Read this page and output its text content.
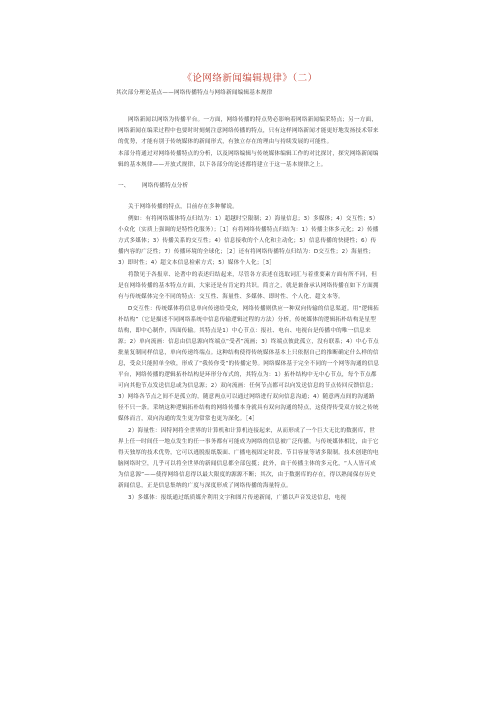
《论网络新闻编辑规律》（二）
其次部分理论基点——网络传播特点与网络新闻编辑基本规律

网络新闻以网络为传播平台。一方面，网络传播的特点势必影响着网络新闻编采特点；另一方面，网络新闻在编采过程中也要时时刻刻注意网络传播的特点，只有这样网络新闻才能更好地发扬技术带来的优势，才能有别于传统媒体的新闻形式，有独立存在的理由与持续发展的可能性。

本部分将通过对网络传播特点的分析，以及网络编辑与传统媒体编辑工作的对比探讨，探究网络新闻编辑的基本规律——开放式规律，以下各部分的论述都将建立于这一基本规律之上。

一、 网络传播特点分析

关于网络传播的特点，目前存在多种解说。

例如：有将网络媒体特点归结为：1）超越时空限制；2）海量信息；3）多媒体；4）交互性；5）小众化（实质上强调的是特性化服务）；［1］有将网络传播特点归结为：1）传播主体多元化；2）传播方式多媒体；3）传播关系的交互性；4）信息接收的个人化和主动化；5）信息传播的快捷性；6）传播内容的广泛性；7）传播环境的全球化；［2］还有将网络传播特点归结为：D交互性；2）海量性；3）即时性；4）超文本信息检索方式；5）媒体个人化；［3］

将散见于各报章、论著中的表述归结起来，尽管各方表述在选取词汇与着重要素方面有所不同，但是在网络传播的基本特点方面，大家还是有肯定的共识。简言之，就是兼备承认网络传播在如下方面拥有与传统媒体完全不同的特点：交互性、海量性、多媒体、即时性、个人化、超文本等。

D交互性：传统媒体将信息单向传递给受众，网络传播则供应一种双向传输的信息渠道。用“逻辑拓朴结构”（它是描述不同网络系统中信息传输逻辑过程的方法）分析，传统媒体的逻辑拓朴结构是星型结构，即中心制作，四面传输。其特点是1）中心节点：报社、电台、电视台是传播中的唯一信息来源；2）单向流画：信息由信息源向终端点“受者”流画；3）终端点彼此孤立，没有联系；4）中心节点批量复制同样信息，单向传递终端点。这种结构使得传统媒体基本上只依据自己的推断确定什么样的信息，受众只能照单全收，形成了“我传你受”的传播定势。网络媒体基于完全不同的一个网等沟通的信息平台，网络传播的逻辑拓朴结构是环形分布式的，其特点为：1）拓朴结构中无中心节点，每个节点都可向其他节点发送信息或为信息源；2）双向流画：任何节点都可以向发送信息的节点传回反馈信息；3）网络各节点之间不是孤立的，随意两点可以通过网络进行双向信息沟通；4）随意两点间的沟通路径不只一条。采纳这种逻辑拓朴结构的网络传播本身就具有双向沟通的特点，这使得传受双方较之传统媒体而言，双向沟通的发生更为常常也更为深化。［4］

2）海量性：因特网将全世界的计算机和计算机连接起来，从而形成了一个巨大无比的数据库，世界上任一时间任一地点发生的任一事务都有可能成为网络的信息被广泛传播。与传统媒体相比，由于它得天独厚的技术优势，它可以逃脱报纸版面、广播电视固定时段、节目容量等诸多限制。技术创建的电脑网络时空，几乎可以将全世界的新闻信息都全部包揽；此外，由于传播主体的多元化，“人人皆可成为信息源”——使得网络信息得以最大限度的源源不断；其次，由于数据库的存在，得以熟闻保存历史新闻信息，正是信息集纳的广度与深度形成了网络传播的海量特点。

3）多媒体：报纸通过纸质媒介利用文字和图片传递新闻，广播以声音发送信息，电视
